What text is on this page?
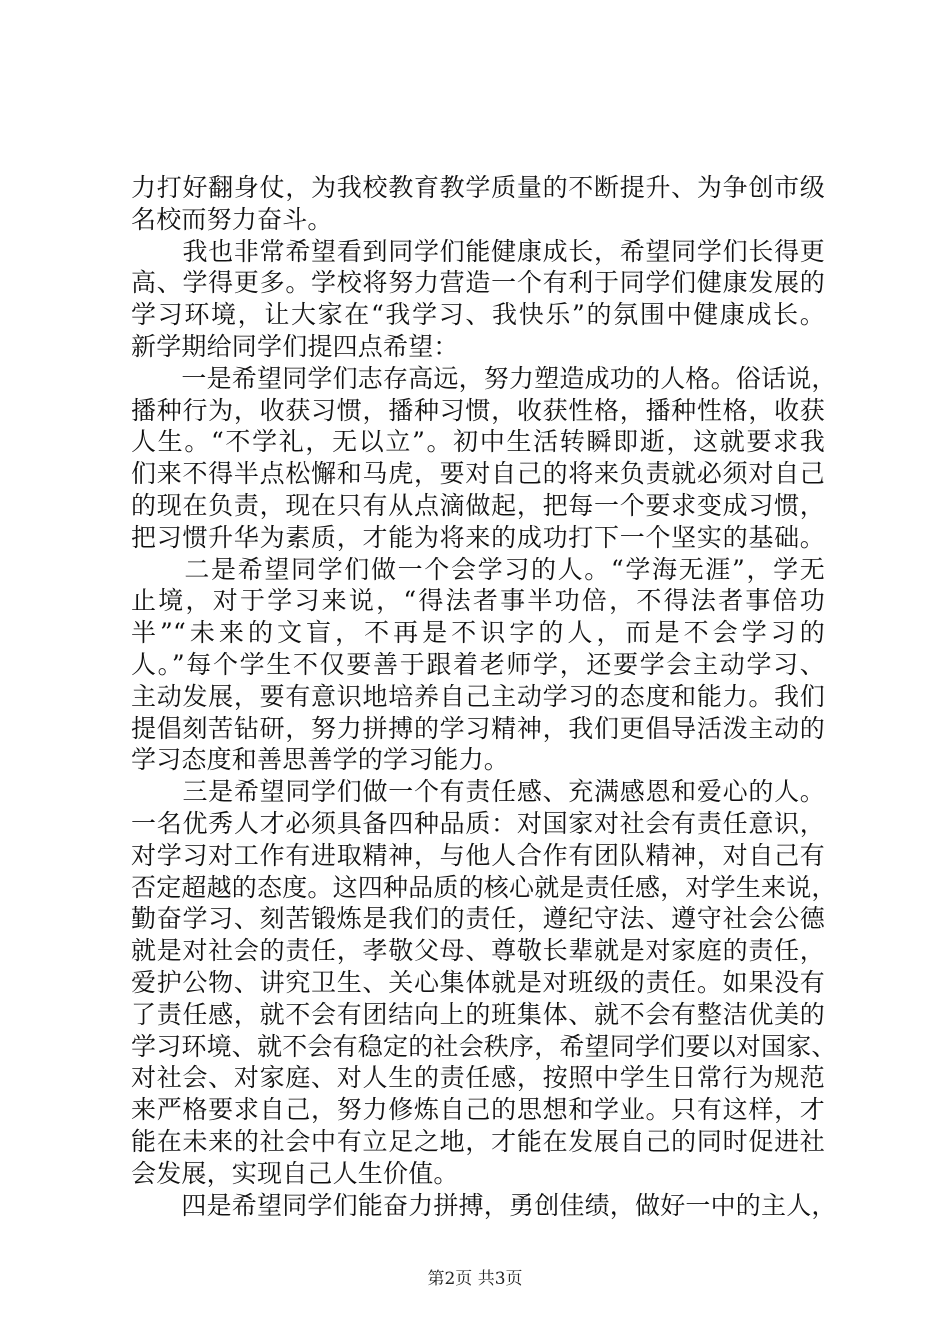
力打好翻身仗，为我校教育教学质量的不断提升、为争创市级
名校而努力奋斗。
　　我也非常希望看到同学们能健康成长，希望同学们长得更
高、学得更多。学校将努力营造一个有利于同学们健康发展的
学习环境，让大家在“我学习、我快乐”的氛围中健康成长。
新学期给同学们提四点希望：
　　一是希望同学们志存高远，努力塑造成功的人格。俗话说，
播种行为，收获习惯，播种习惯，收获性格，播种性格，收获
人生。“不学礼，无以立”。初中生活转瞬即逝，这就要求我
们来不得半点松懈和马虎，要对自己的将来负责就必须对自己
的现在负责，现在只有从点滴做起，把每一个要求变成习惯，
把习惯升华为素质，才能为将来的成功打下一个坚实的基础。
　　二是希望同学们做一个会学习的人。“学海无涯”，学无
止境，对于学习来说，“得法者事半功倍，不得法者事倍功
半”“未来的文盲，不再是不识字的人，而是不会学习的
人。”每个学生不仅要善于跟着老师学，还要学会主动学习、
主动发展，要有意识地培养自己主动学习的态度和能力。我们
提倡刻苦钻研，努力拼搏的学习精神，我们更倡导活泼主动的
学习态度和善思善学的学习能力。
　　三是希望同学们做一个有责任感、充满感恩和爱心的人。
一名优秀人才必须具备四种品质：对国家对社会有责任意识，
对学习对工作有进取精神，与他人合作有团队精神，对自己有
否定超越的态度。这四种品质的核心就是责任感，对学生来说，
勤奋学习、刻苦锻炼是我们的责任，遵纪守法、遵守社会公德
就是对社会的责任，孝敬父母、尊敬长辈就是对家庭的责任，
爱护公物、讲究卫生、关心集体就是对班级的责任。如果没有
了责任感，就不会有团结向上的班集体、就不会有整洁优美的
学习环境、就不会有稳定的社会秩序，希望同学们要以对国家、
对社会、对家庭、对人生的责任感，按照中学生日常行为规范
来严格要求自己，努力修炼自己的思想和学业。只有这样，才
能在未来的社会中有立足之地，才能在发展自己的同时促进社
会发展，实现自己人生价值。
　　四是希望同学们能奋力拼搏，勇创佳绩，做好一中的主人，
第2页 共3页
